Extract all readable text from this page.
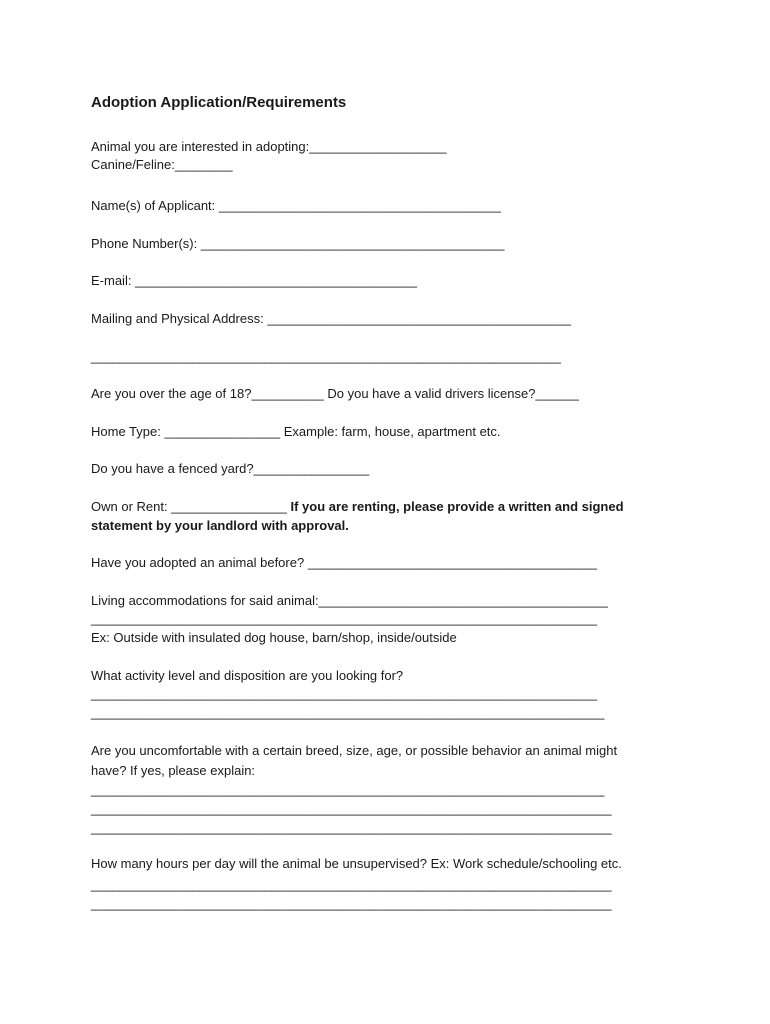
Adoption Application/Requirements

Animal you are interested in adopting:___________________

Canine/Feline:________

Name(s) of Applicant: _______________________________________

Phone Number(s): __________________________________________

E-mail: _______________________________________

Mailing and Physical Address: __________________________________________

_________________________________________________________________

Are you over the age of 18?__________ Do you have a valid drivers license?______

Home Type: ________________ Example: farm, house, apartment etc.

Do you have a fenced yard?________________

Own or Rent: ________________ If you are renting, please provide a written and signed

statement by your landlord with approval.

Have you adopted an animal before? ________________________________________

Living accommodations for said animal:________________________________________

______________________________________________________________________

Ex: Outside with insulated dog house, barn/shop, inside/outside

What activity level and disposition are you looking for?

______________________________________________________________________

_______________________________________________________________________

Are you uncomfortable with a certain breed, size, age, or possible behavior an animal might

have? If yes, please explain:

_______________________________________________________________________

________________________________________________________________________

________________________________________________________________________

How many hours per day will the animal be unsupervised? Ex: Work schedule/schooling etc.

________________________________________________________________________

________________________________________________________________________
